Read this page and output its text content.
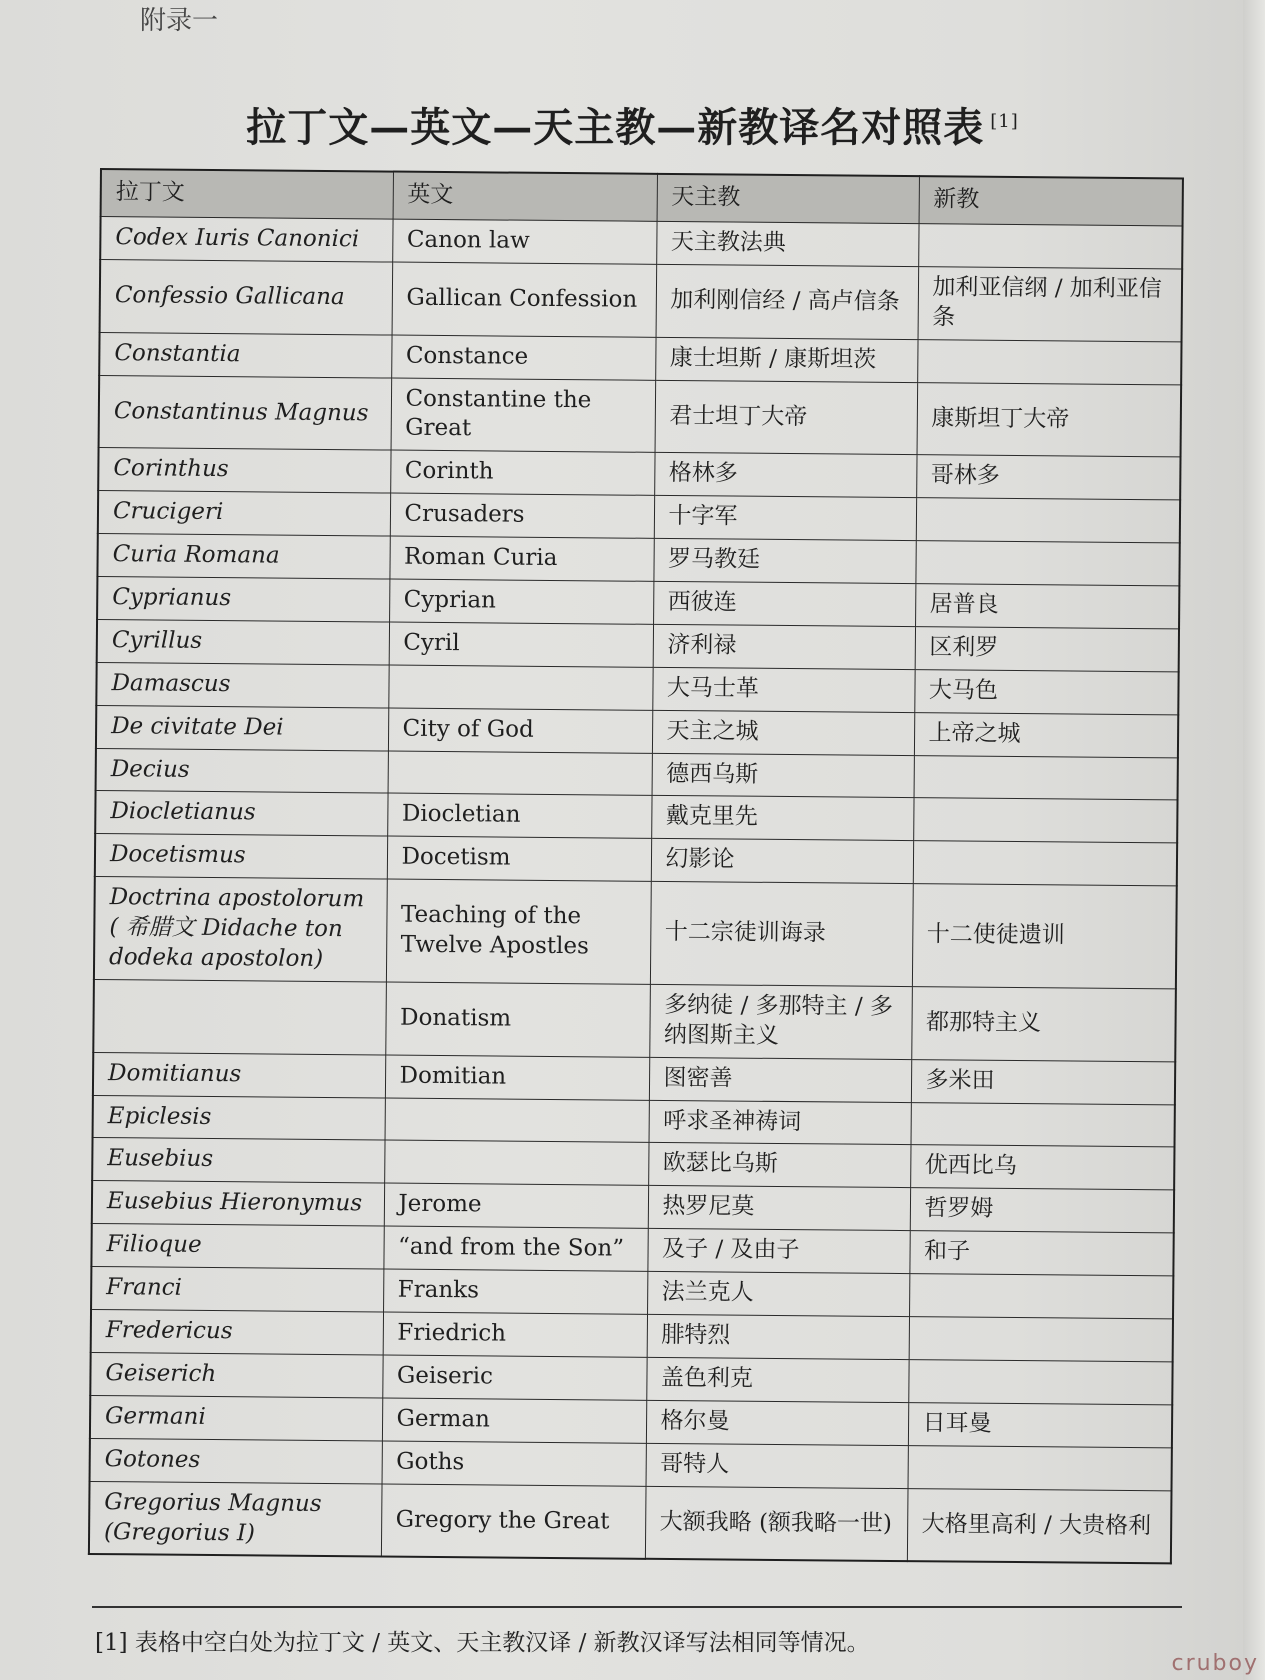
附录一
拉丁文—英文—天主教—新教译名对照表 [1]
拉丁文	英文	天主教	新教
Codex Iuris Canonici	Canon law	天主教法典	
Confessio Gallicana	Gallican Confession	加利刚信经 / 高卢信条	加利亚信纲 / 加利亚信条
Constantia	Constance	康士坦斯 / 康斯坦茨	
Constantinus Magnus	Constantine the Great	君士坦丁大帝	康斯坦丁大帝
Corinthus	Corinth	格林多	哥林多
Crucigeri	Crusaders	十字军	
Curia Romana	Roman Curia	罗马教廷	
Cyprianus	Cyprian	西彼连	居普良
Cyrillus	Cyril	济利禄	区利罗
Damascus		大马士革	大马色
De civitate Dei	City of God	天主之城	上帝之城
Decius		德西乌斯	
Diocletianus	Diocletian	戴克里先	
Docetismus	Docetism	幻影论	
Doctrina apostolorum ( 希腊文 Didache ton dodeka apostolon)	Teaching of the Twelve Apostles	十二宗徒训诲录	十二使徒遗训
	Donatism	多纳徒 / 多那特主 / 多纳图斯主义	都那特主义
Domitianus	Domitian	图密善	多米田
Epiclesis		呼求圣神祷词	
Eusebius		欧瑟比乌斯	优西比乌
Eusebius Hieronymus	Jerome	热罗尼莫	哲罗姆
Filioque	“and from the Son”	及子 / 及由子	和子
Franci	Franks	法兰克人	
Fredericus	Friedrich	腓特烈	
Geiserich	Geiseric	盖色利克	
Germani	German	格尔曼	日耳曼
Gotones	Goths	哥特人	
Gregorius Magnus (Gregorius I)	Gregory the Great	大额我略 (额我略一世)	大格里高利 / 大贵格利
[1] 表格中空白处为拉丁文 / 英文、天主教汉译 / 新教汉译写法相同等情况。
cruboy
